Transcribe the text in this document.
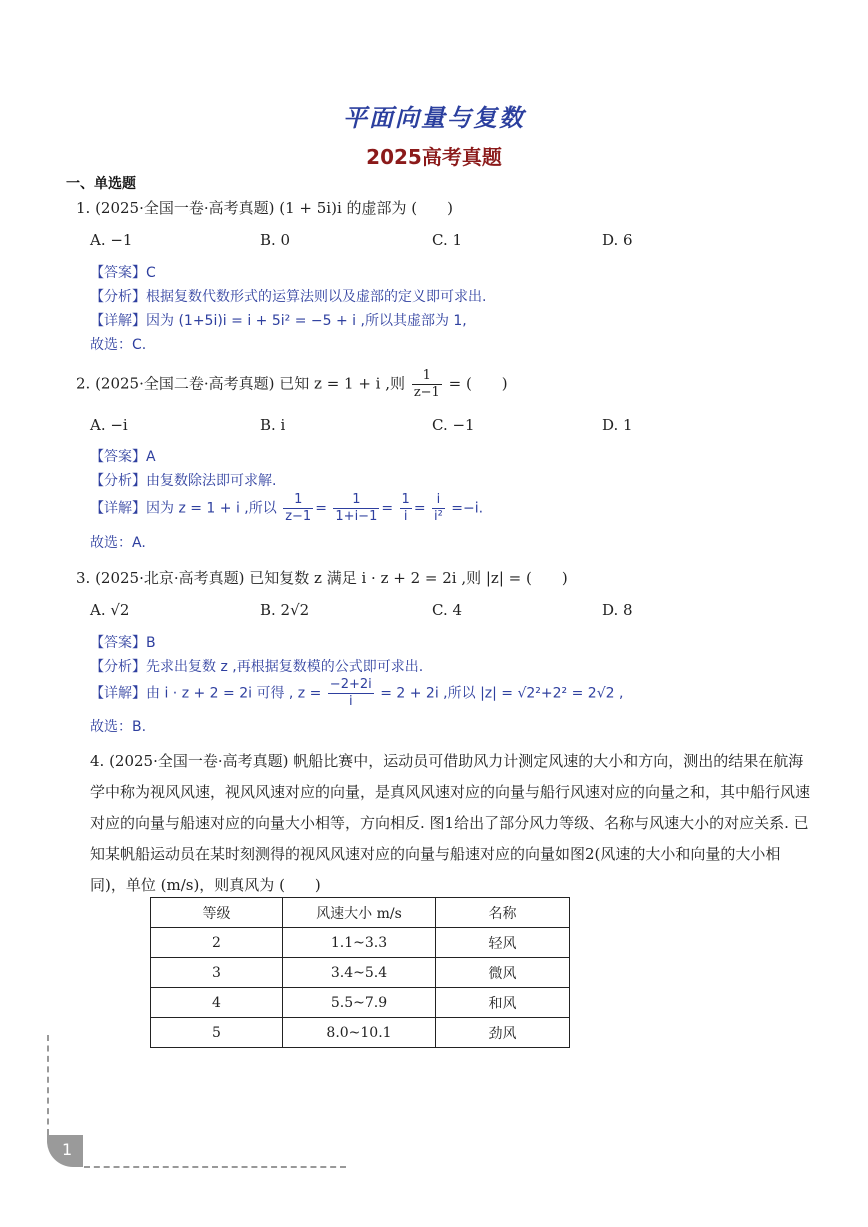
平面向量与复数
2025高考真题
一、单选题
1. (2025·全国一卷·高考真题) (1 + 5i)i 的虚部为 (　　)
A. −1	B. 0	C. 1	D. 6
【答案】C
【分析】根据复数代数形式的运算法则以及虚部的定义即可求出.
【详解】因为 (1+5i)i = i + 5i² = −5 + i ,所以其虚部为 1,
故选：C.
2. (2025·全国二卷·高考真题) 已知 z = 1 + i ,则 $\frac{1}{z-1}$ = (　　)
A. −i	B. i	C. −1	D. 1
【答案】A
【分析】由复数除法即可求解.
【详解】因为 z = 1 + i ,所以 $\frac{1}{z-1} = \frac{1}{1+i-1} = \frac{1}{i} = \frac{i}{\text{i²}} =-i$.
故选：A.
3. (2025·北京·高考真题) 已知复数 z 满足 i · z + 2 = 2i ,则 |z| = (　　)
A. √2	B. 2√2	C. 4	D. 8
【答案】B
【分析】先求出复数 z ,再根据复数模的公式即可求出.
【详解】由 i · z + 2 = 2i 可得 , $z = \frac{-2+2i}{i} = 2 + 2i$ ,所以 |z| = √2²+2² = 2√2 ,
故选：B.
4. (2025·全国一卷·高考真题) 帆船比赛中，运动员可借助风力计测定风速的大小和方向，测出的结果在航海学中称为视风风速，视风风速对应的向量，是真风风速对应的向量与船行风速对应的向量之和，其中船行风速对应的向量与船速对应的向量大小相等，方向相反. 图1给出了部分风力等级、名称与风速大小的对应关系. 已知某帆船运动员在某时刻测得的视风风速对应的向量与船速对应的向量如图2(风速的大小和向量的大小相同)，单位 (m/s)，则真风为 (　　)
等级	风速大小 m/s	名称
2	1.1~3.3	轻风
3	3.4~5.4	微风
4	5.5~7.9	和风
5	8.0~10.1	劲风
1
